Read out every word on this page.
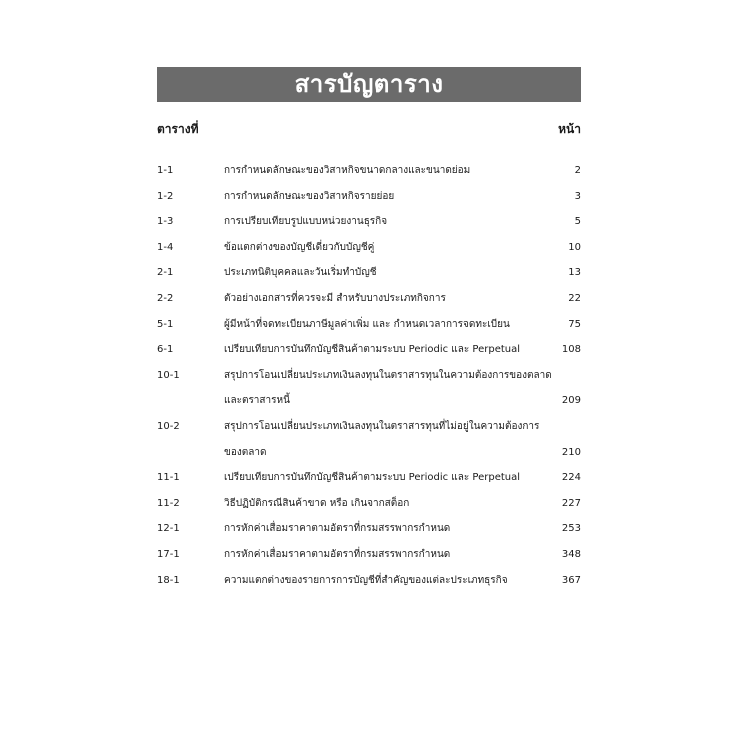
สารบัญตาราง
ตารางที่	หน้า
1-1	การกำหนดลักษณะของวิสาหกิจขนาดกลางและขนาดย่อม	2
1-2	การกำหนดลักษณะของวิสาหกิจรายย่อย	3
1-3	การเปรียบเทียบรูปแบบหน่วยงานธุรกิจ	5
1-4	ข้อแตกต่างของบัญชีเดี่ยวกับบัญชีคู่	10
2-1	ประเภทนิติบุคคลและวันเริ่มทำบัญชี	13
2-2	ตัวอย่างเอกสารที่ควรจะมี สำหรับบางประเภทกิจการ	22
5-1	ผู้มีหน้าที่จดทะเบียนภาษีมูลค่าเพิ่ม และ กำหนดเวลาการจดทะเบียน	75
6-1	เปรียบเทียบการบันทึกบัญชีสินค้าตามระบบ Periodic และ Perpetual	108
10-1	สรุปการโอนเปลี่ยนประเภทเงินลงทุนในตราสารทุนในความต้องการของตลาด
และตราสารหนี้	209
10-2	สรุปการโอนเปลี่ยนประเภทเงินลงทุนในตราสารทุนที่ไม่อยู่ในความต้องการ
ของตลาด	210
11-1	เปรียบเทียบการบันทึกบัญชีสินค้าตามระบบ Periodic และ Perpetual	224
11-2	วิธีปฏิบัติกรณีสินค้าขาด หรือ เกินจากสต็อก	227
12-1	การหักค่าเสื่อมราคาตามอัตราที่กรมสรรพากรกำหนด	253
17-1	การหักค่าเสื่อมราคาตามอัตราที่กรมสรรพากรกำหนด	348
18-1	ความแตกต่างของรายการการบัญชีที่สำคัญของแต่ละประเภทธุรกิจ	367
